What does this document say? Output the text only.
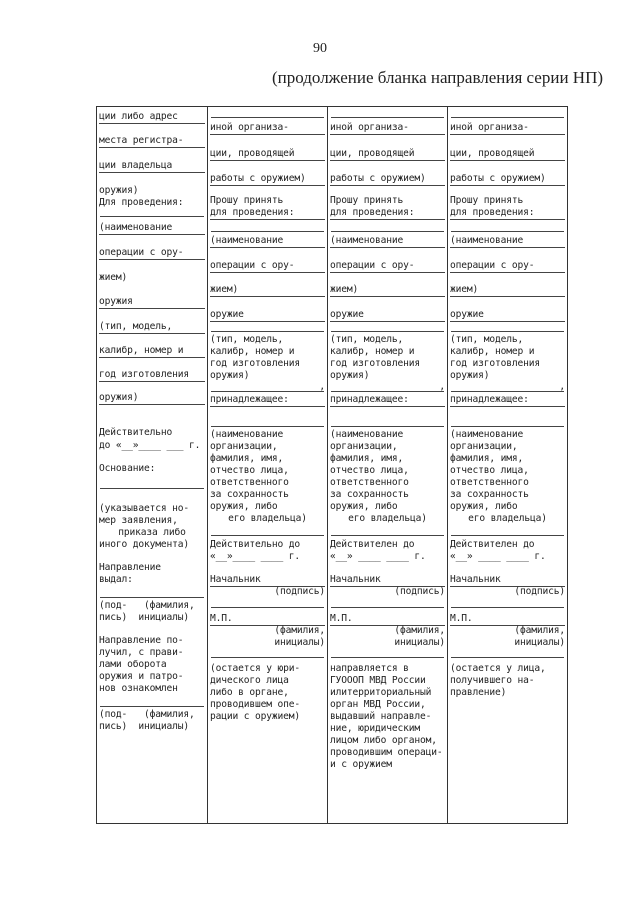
90
(продолжение бланка направления серии НП)
ции либо адрес
места регистра-
ции владельца
оружия)
Для проведения:
(наименование
операции с ору-
жием)
оружия
(тип, модель,
калибр, номер и
год изготовления
оружия)
Действительно
до «__»____ ___ г.
Основание:
(указывается но-
мер заявления,
приказа либо
иного документа)
Направление
выдал:
(под-   (фамилия,
пись)  инициалы)
Направление по-
лучил, с прави-
лами оборота
оружия и патро-
нов ознакомлен
(под-   (фамилия,
пись)  инициалы)
иной организа-
ции, проводящей
работы с оружием)
Прошу принять
для проведения:
(наименование
операции с ору-
жием)
оружие
(тип, модель,
калибр, номер и
год изготовления
оружия)
,
принадлежащее:
(наименование
организации,
фамилия, имя,
отчество лица,
ответственного
за сохранность
оружия, либо
его владельца)
Действительно до
«__»____ ____ г.
Начальник
(подпись)
М.П.
(фамилия,
инициалы)
(остается у юри-
дического лица
либо в органе,
проводившем опе-
рации с оружием)
иной организа-
ции, проводящей
работы с оружием)
Прошу принять
для проведения:
(наименование
операции с ору-
жием)
оружие
(тип, модель,
калибр, номер и
год изготовления
оружия)
,
принадлежащее:
(наименование
организации,
фамилия, имя,
отчество лица,
ответственного
за сохранность
оружия, либо
его владельца)
Действителен до
«__» ____ ____ г.
Начальник
(подпись)
М.П.
(фамилия,
инициалы)
направляется в
ГУОООП МВД России
илитерриториальный
орган МВД России,
выдавший направле-
ние, юридическим
лицом либо органом,
проводившим операци-
и с оружием
иной организа-
ции, проводящей
работы с оружием)
Прошу принять
для проведения:
(наименование
операции с ору-
жием)
оружие
(тип, модель,
калибр, номер и
год изготовления
оружия)
,
принадлежащее:
(наименование
организации,
фамилия, имя,
отчество лица,
ответственного
за сохранность
оружия, либо
его владельца)
Действителен до
«__» ____ ____ г.
Начальник
(подпись)
М.П.
(фамилия,
инициалы)
(остается у лица,
получившего на-
правление)
